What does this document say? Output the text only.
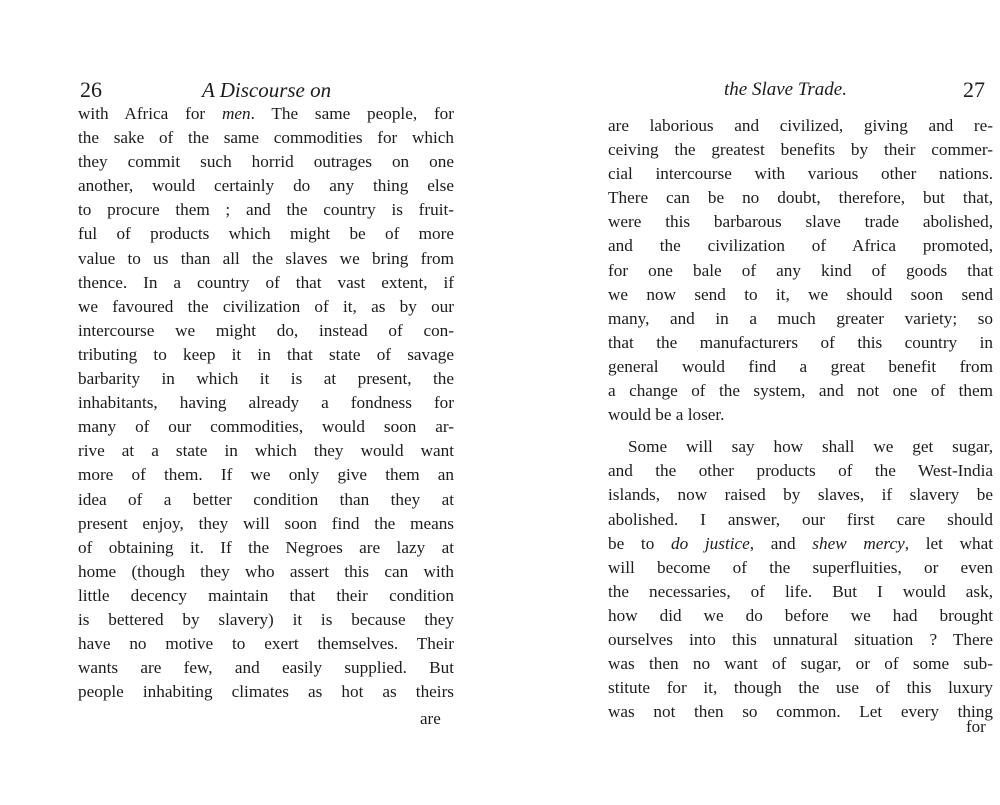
26	A Discourse on
with Africa for men. The same people, for
the sake of the same commodities for which
they commit such horrid outrages on one
another, would certainly do any thing else
to procure them ; and the country is fruit-
ful of products which might be of more
value to us than all the slaves we bring from
thence. In a country of that vast extent, if
we favoured the civilization of it, as by our
intercourse we might do, instead of con-
tributing to keep it in that state of savage
barbarity in which it is at present, the
inhabitants, having already a fondness for
many of our commodities, would soon ar-
rive at a state in which they would want
more of them. If we only give them an
idea of a better condition than they at
present enjoy, they will soon find the means
of obtaining it. If the Negroes are lazy at
home (though they who assert this can with
little decency maintain that their condition
is bettered by slavery) it is because they
have no motive to exert themselves. Their
wants are few, and easily supplied. But
people inhabiting climates as hot as theirs
are
the Slave Trade.	27
are laborious and civilized, giving and re-
ceiving the greatest benefits by their commer-
cial intercourse with various other nations.
There can be no doubt, therefore, but that,
were this barbarous slave trade abolished,
and the civilization of Africa promoted,
for one bale of any kind of goods that
we now send to it, we should soon send
many, and in a much greater variety; so
that the manufacturers of this country in
general would find a great benefit from
a change of the system, and not one of them
would be a loser.
Some will say how shall we get sugar,
and the other products of the West-India
islands, now raised by slaves, if slavery be
abolished. I answer, our first care should
be to do justice, and shew mercy, let what
will become of the superfluities, or even
the necessaries, of life. But I would ask,
how did we do before we had brought
ourselves into this unnatural situation ? There
was then no want of sugar, or of some sub-
stitute for it, though the use of this luxury
was not then so common. Let every thing
for
